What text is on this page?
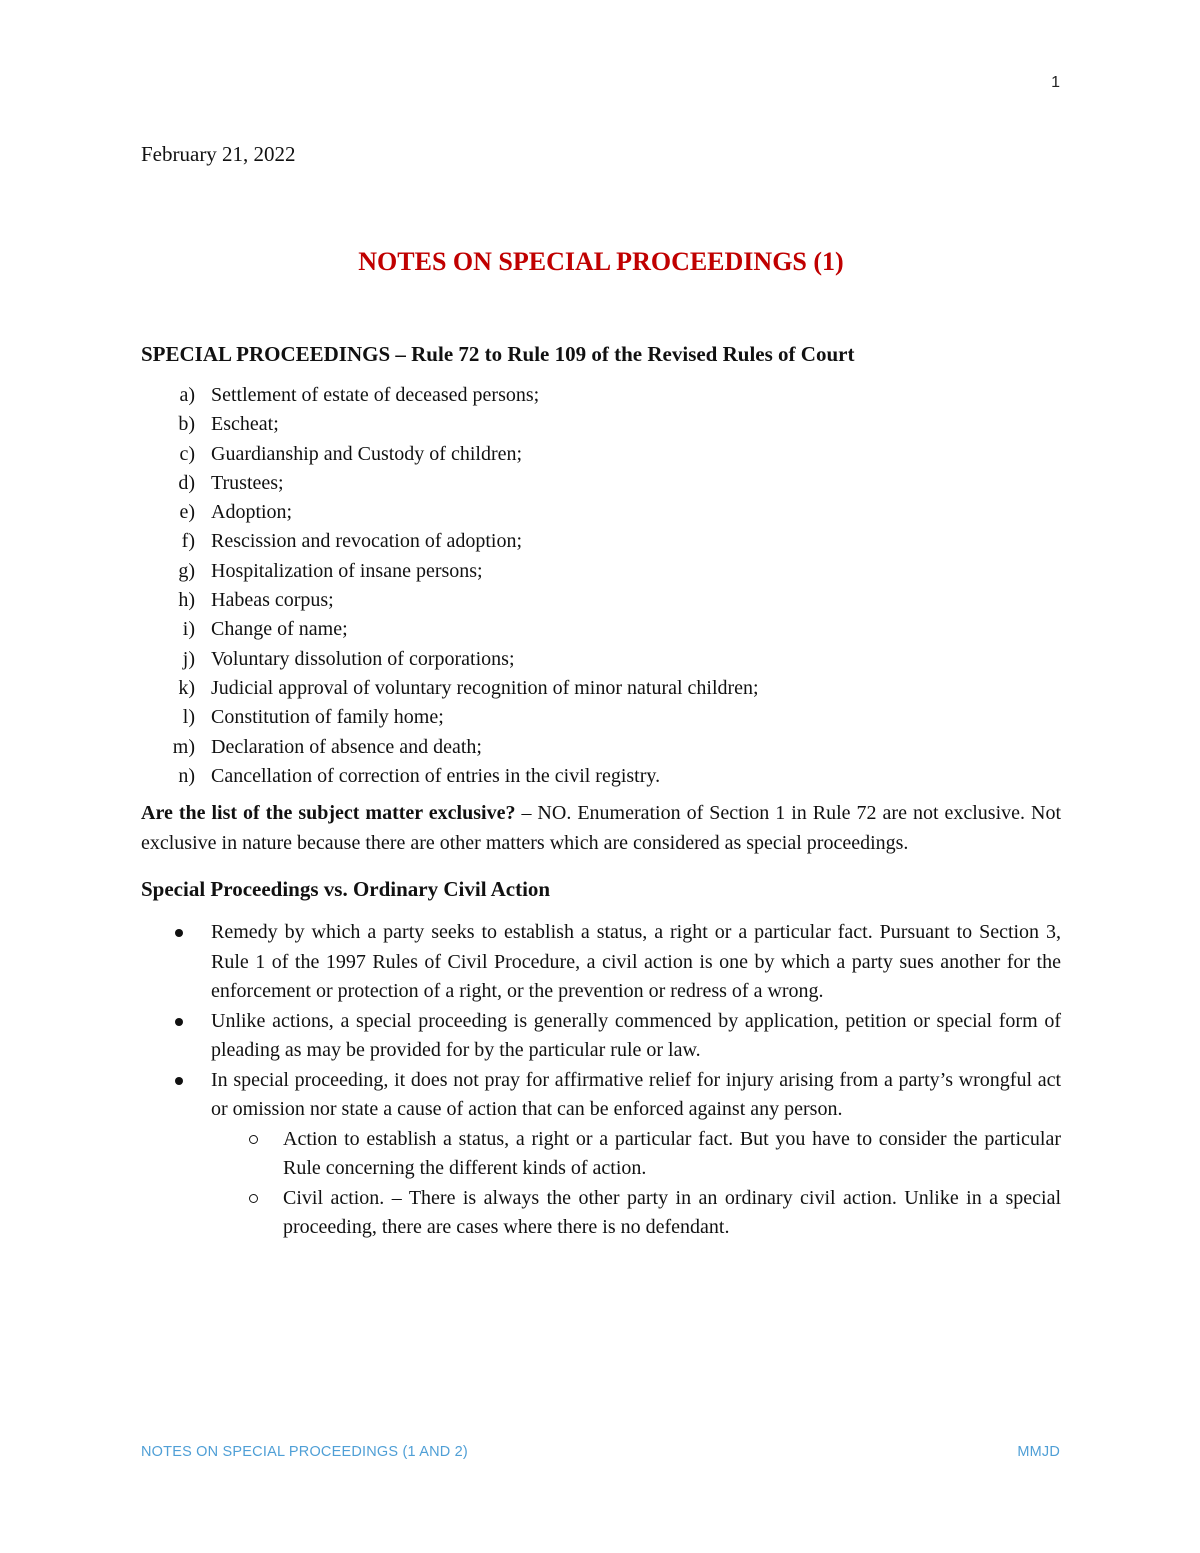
1

February 21, 2022

NOTES ON SPECIAL PROCEEDINGS (1)
SPECIAL PROCEEDINGS – Rule 72 to Rule 109 of the Revised Rules of Court
a) Settlement of estate of deceased persons;
b) Escheat;
c) Guardianship and Custody of children;
d) Trustees;
e) Adoption;
f) Rescission and revocation of adoption;
g) Hospitalization of insane persons;
h) Habeas corpus;
i) Change of name;
j) Voluntary dissolution of corporations;
k) Judicial approval of voluntary recognition of minor natural children;
l) Constitution of family home;
m) Declaration of absence and death;
n) Cancellation of correction of entries in the civil registry.

Are the list of the subject matter exclusive? – NO. Enumeration of Section 1 in Rule 72 are not exclusive. Not exclusive in nature because there are other matters which are considered as special proceedings.

Special Proceedings vs. Ordinary Civil Action
Remedy by which a party seeks to establish a status, a right or a particular fact. Pursuant to Section 3, Rule 1 of the 1997 Rules of Civil Procedure, a civil action is one by which a party sues another for the enforcement or protection of a right, or the prevention or redress of a wrong.
Unlike actions, a special proceeding is generally commenced by application, petition or special form of pleading as may be provided for by the particular rule or law.
In special proceeding, it does not pray for affirmative relief for injury arising from a party’s wrongful act or omission nor state a cause of action that can be enforced against any person.
Action to establish a status, a right or a particular fact. But you have to consider the particular Rule concerning the different kinds of action.
Civil action. – There is always the other party in an ordinary civil action. Unlike in a special proceeding, there are cases where there is no defendant.
NOTES ON SPECIAL PROCEEDINGS (1 AND 2)	MMJD
